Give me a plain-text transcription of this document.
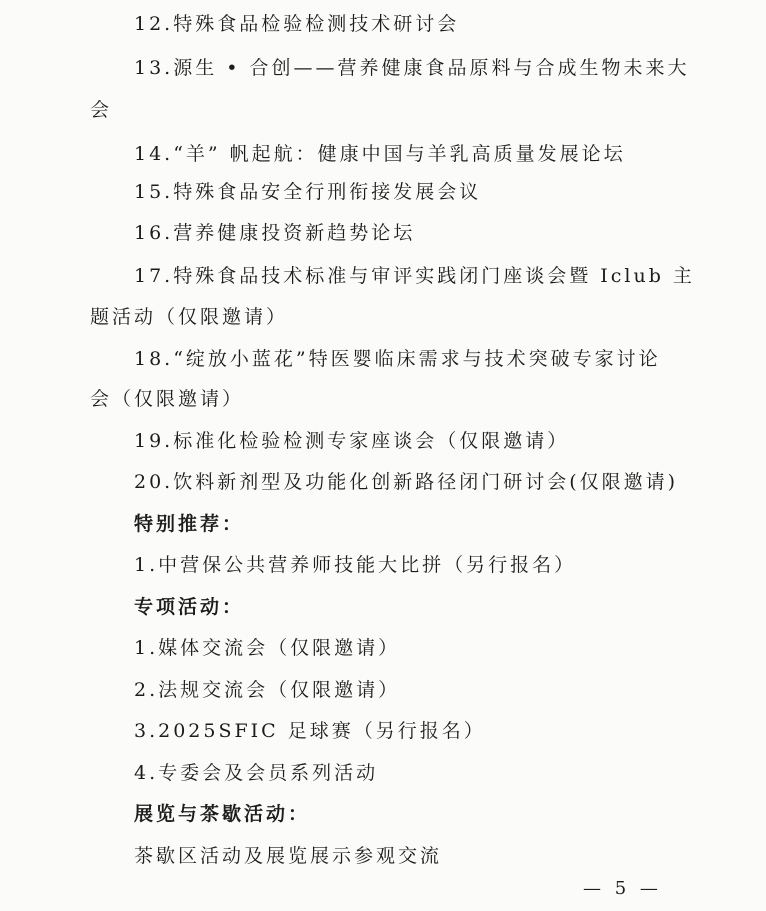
12.特殊食品检验检测技术研讨会
13.源生 • 合创——营养健康食品原料与合成生物未来大
会
14.“羊” 帆起航：健康中国与羊乳高质量发展论坛
15.特殊食品安全行刑衔接发展会议
16.营养健康投资新趋势论坛
17.特殊食品技术标准与审评实践闭门座谈会暨 Iclub 主
题活动（仅限邀请）
18.“绽放小蓝花”特医婴临床需求与技术突破专家讨论
会（仅限邀请）
19.标准化检验检测专家座谈会（仅限邀请）
20.饮料新剂型及功能化创新路径闭门研讨会(仅限邀请)
特别推荐：
1.中营保公共营养师技能大比拼（另行报名）
专项活动：
1.媒体交流会（仅限邀请）
2.法规交流会（仅限邀请）
3.2025SFIC 足球赛（另行报名）
4.专委会及会员系列活动
展览与茶歇活动：
茶歇区活动及展览展示参观交流
— 5 —
